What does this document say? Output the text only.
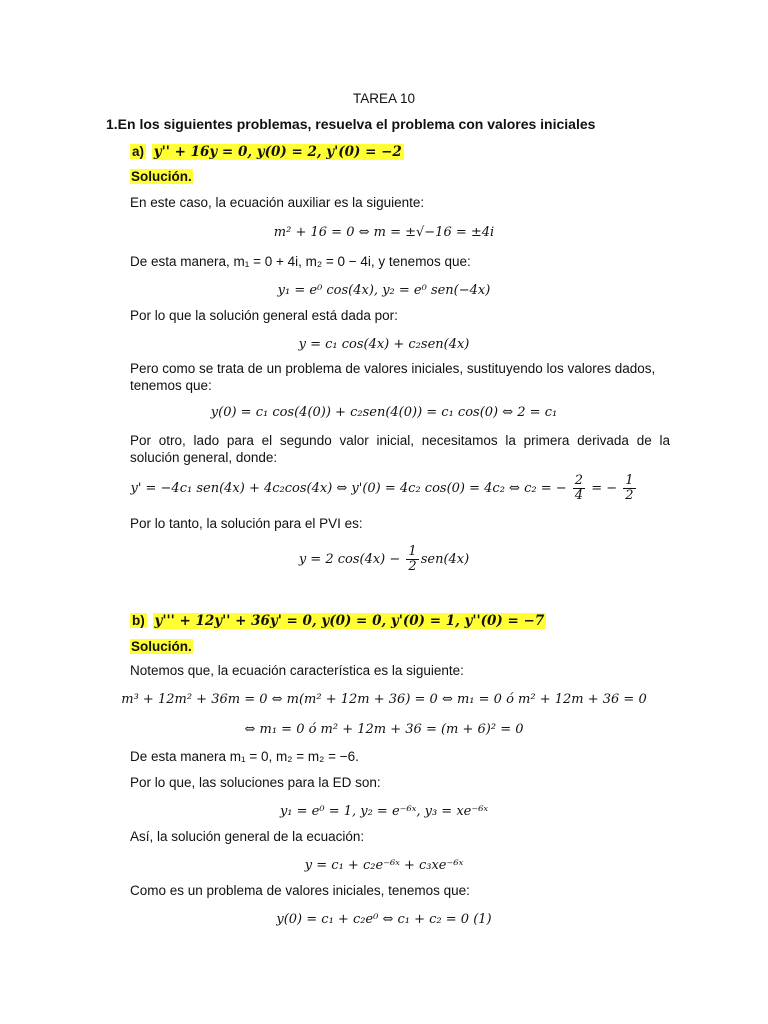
TAREA 10
1.En los siguientes problemas, resuelva el problema con valores iniciales
a) y'' + 16y = 0, y(0) = 2, y'(0) = −2
Solución.
En este caso, la ecuación auxiliar es la siguiente:
m² + 16 = 0 ⇔ m = ±√−16 = ±4i
De esta manera, m₁ = 0 + 4i, m₂ = 0 − 4i, y tenemos que:
y₁ = e⁰ cos(4x), y₂ = e⁰ sen(−4x)
Por lo que la solución general está dada por:
y = c₁ cos(4x) + c₂sen(4x)
Pero como se trata de un problema de valores iniciales, sustituyendo los valores dados, tenemos que:
y(0) = c₁ cos(4(0)) + c₂sen(4(0)) = c₁ cos(0) ⇔ 2 = c₁
Por otro, lado para el segundo valor inicial, necesitamos la primera derivada de la solución general, donde:
y' = −4c₁ sen(4x) + 4c₂cos(4x) ⇔ y'(0) = 4c₂ cos(0) = 4c₂ ⇔ c₂ = − $\frac{2}{4}$ = − $\frac{1}{2}$
Por lo tanto, la solución para el PVI es:
y = 2 $\cos(4x) - \frac{1}{2} sen(4x)$
b) y''' + 12y'' + 36y' = 0, y(0) = 0, y'(0) = 1, y''(0) = −7
Solución.
Notemos que, la ecuación característica es la siguiente:
m³ + 12m² + 36m = 0 ⇔ m(m² + 12m + 36) = 0 ⇔ m₁ = 0 ó m² + 12m + 36 = 0
⇔ m₁ = 0 ó m² + 12m + 36 = (m + 6)² = 0
De esta manera m₁ = 0, m₂ = m₂ = −6.
Por lo que, las soluciones para la ED son:
y₁ = e⁰ = 1, y₂ = e⁻⁶ˣ, y₃ = xe⁻⁶ˣ
Así, la solución general de la ecuación:
y = c₁ + c₂e⁻⁶ˣ + c₃xe⁻⁶ˣ
Como es un problema de valores iniciales, tenemos que:
y(0) = c₁ + c₂e⁰ ⇔ c₁ + c₂ = 0 (1)
